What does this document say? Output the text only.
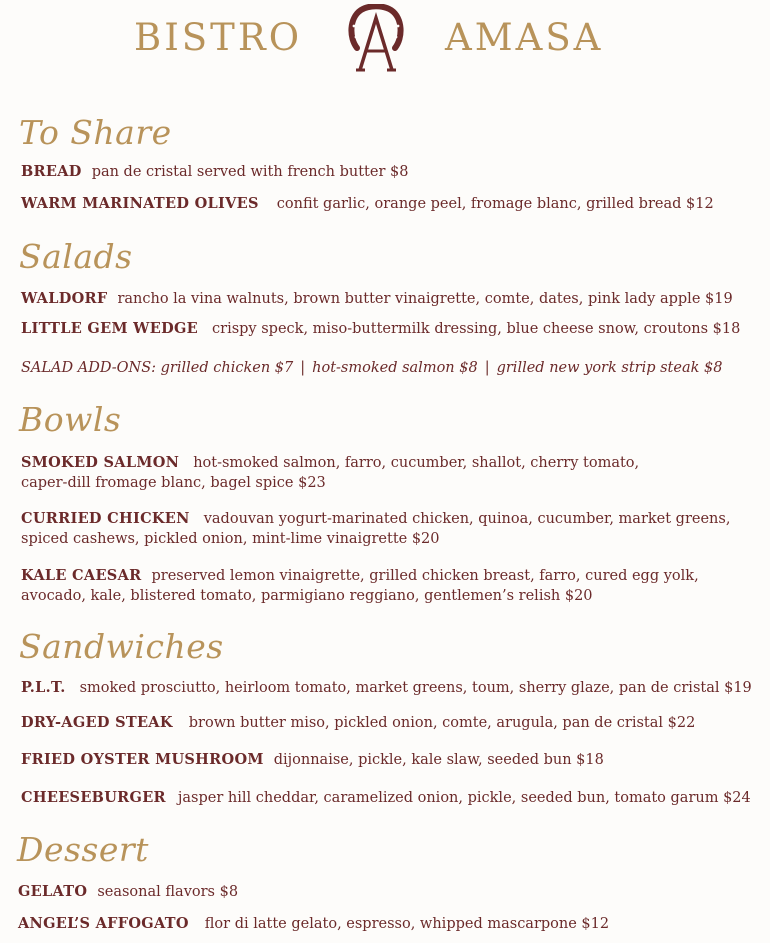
BISTRO	AMASA
To Share
BREAD pan de cristal served with french butter $8
WARM MARINATED OLIVES confit garlic, orange peel, fromage blanc, grilled bread $12
Salads
WALDORF rancho la vina walnuts, brown butter vinaigrette, comte, dates, pink lady apple $19
LITTLE GEM WEDGE crispy speck, miso-buttermilk dressing, blue cheese snow, croutons $18
SALAD ADD-ONS: grilled chicken $7 | hot-smoked salmon $8 | grilled new york strip steak $8
Bowls
SMOKED SALMON hot-smoked salmon, farro, cucumber, shallot, cherry tomato,
caper-dill fromage blanc, bagel spice $23
CURRIED CHICKEN vadouvan yogurt-marinated chicken, quinoa, cucumber, market greens,
spiced cashews, pickled onion, mint-lime vinaigrette $20
KALE CAESAR preserved lemon vinaigrette, grilled chicken breast, farro, cured egg yolk,
avocado, kale, blistered tomato, parmigiano reggiano, gentlemen’s relish $20
Sandwiches
P.L.T. smoked prosciutto, heirloom tomato, market greens, toum, sherry glaze, pan de cristal $19
DRY-AGED STEAK brown butter miso, pickled onion, comte, arugula, pan de cristal $22
FRIED OYSTER MUSHROOM dijonnaise, pickle, kale slaw, seeded bun $18
CHEESEBURGER jasper hill cheddar, caramelized onion, pickle, seeded bun, tomato garum $24
Dessert
GELATO seasonal flavors $8
ANGEL’S AFFOGATO flor di latte gelato, espresso, whipped mascarpone $12
